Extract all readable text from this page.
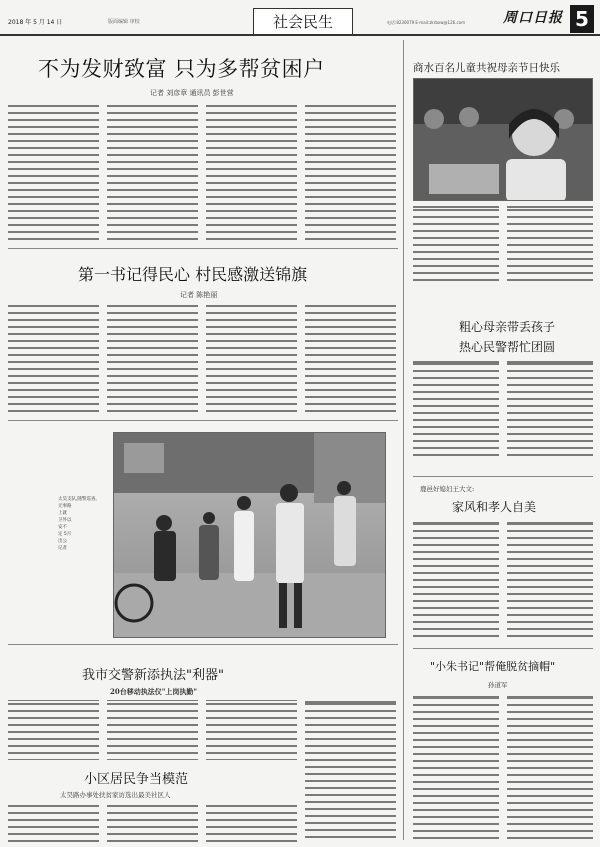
2018 年 5 月 14 日	版面编辑 审校	社会民生	电话:8230079 E-mail:zkrbxw@126.com	周口日报 5
不为发财致富 只为多帮贫困户
记者 刘彦章 通讯员 彭世营
第一书记得民心 村民感激送锦旗
记者 陈艳丽
太昊支队,随警巡查。
无事路
上就
卫外以
安不
定 5月
出公
记者
我市交警新添执法"利器"
20台移动执法仪"上岗执勤"
小区居民争当模范
太昊路办事处扶贫家访选出最美社区人
商水百名儿童共祝母亲节日快乐
粗心母亲带丢孩子
热心民警帮忙团圆
鹿邑好媳妇王大文:
家风和孝人自美
"小朱书记"帮俺脱贫摘帽"
孙道军
